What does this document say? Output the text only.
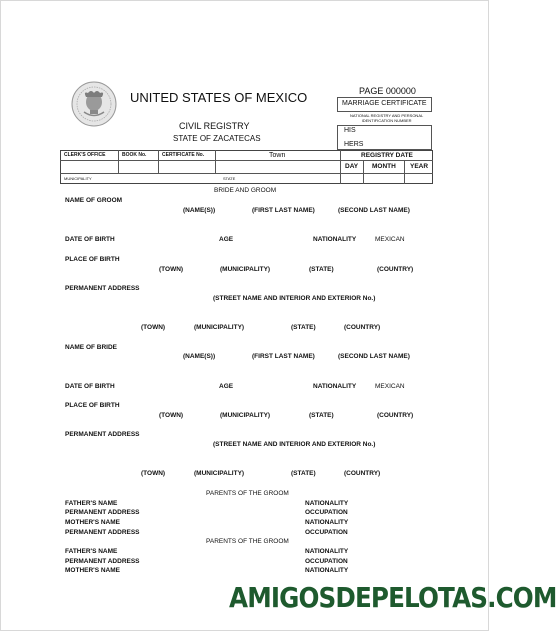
UNITED STATES OF MEXICO	PAGE 000000
MARRIAGE CERTIFICATE
NATIONAL REGISTRY AND PERSONAL
IDENTIFICATION NUMBER
CIVIL REGISTRY
STATE OF ZACATECAS
HIS
HERS
CLERK'S OFFICE	BOOK No.	CERTIFICATE No.	Town	REGISTRY DATE
DAY MONTH YEAR
MUNICIPALITY	STATE
BRIDE AND GROOM
NAME OF GROOM
(NAME(S))	(FIRST LAST NAME)	(SECOND LAST NAME)
DATE OF BIRTH	AGE	NATIONALITY	MEXICAN
PLACE OF BIRTH
(TOWN)	(MUNICIPALITY)	(STATE)	(COUNTRY)
PERMANENT ADDRESS
(STREET NAME AND INTERIOR AND EXTERIOR No.)
(TOWN)	(MUNICIPALITY)	(STATE)	(COUNTRY)
NAME OF BRIDE
(NAME(S))	(FIRST LAST NAME)	(SECOND LAST NAME)
DATE OF BIRTH	AGE	NATIONALITY	MEXICAN
PLACE OF BIRTH
(TOWN)	(MUNICIPALITY)	(STATE)	(COUNTRY)
PERMANENT ADDRESS
(STREET NAME AND INTERIOR AND EXTERIOR No.)
(TOWN)	(MUNICIPALITY)	(STATE)	(COUNTRY)
PARENTS OF THE GROOM
FATHER'S NAME	NATIONALITY
PERMANENT ADDRESS	OCCUPATION
MOTHER'S NAME	NATIONALITY
PERMANENT ADDRESS	OCCUPATION
PARENTS OF THE GROOM
FATHER'S NAME	NATIONALITY
PERMANENT ADDRESS	OCCUPATION
MOTHER'S NAME	NATIONALITY
AMIGOSDEPELOTAS.COM
